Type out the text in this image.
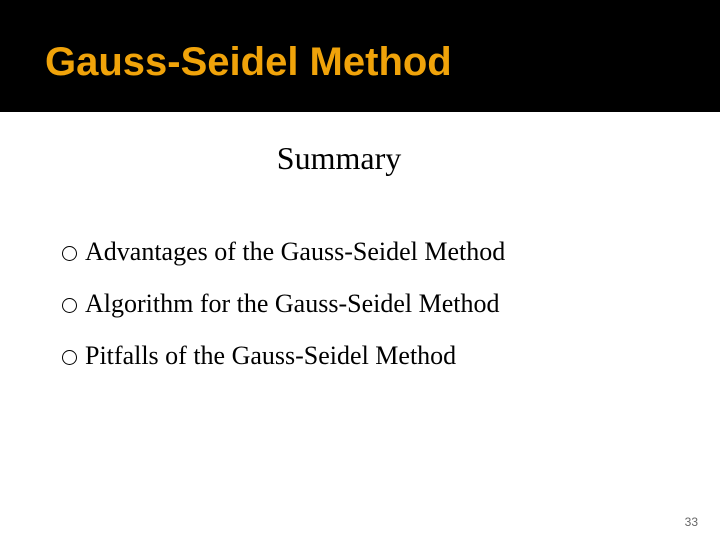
Gauss-Seidel Method
Summary
Advantages of the Gauss-Seidel Method
Algorithm for the Gauss-Seidel Method
Pitfalls of the Gauss-Seidel Method
33
